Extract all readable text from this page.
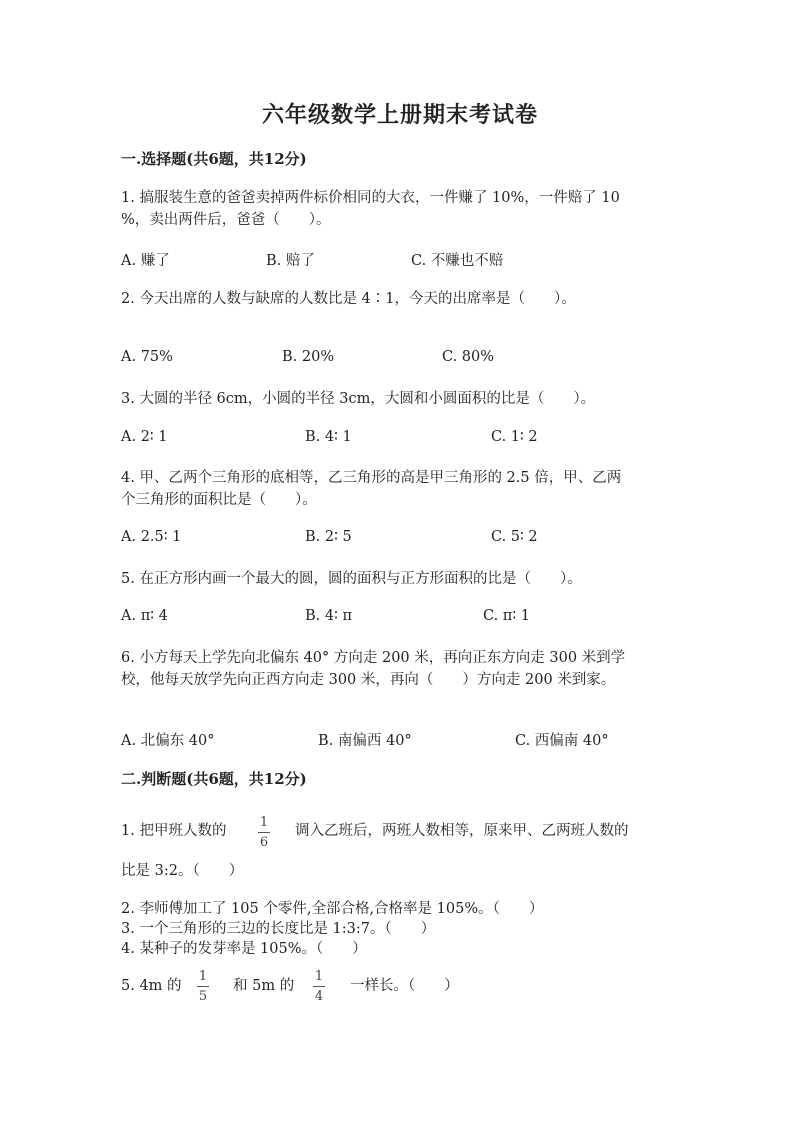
六年级数学上册期末考试卷
一.选择题(共6题，共12分)
1. 搞服装生意的爸爸卖掉两件标价相同的大衣，一件赚了 10%，一件赔了 10
%，卖出两件后，爸爸（　　）。
A. 赚了	B. 赔了	C. 不赚也不赔
2. 今天出席的人数与缺席的人数比是 4∶1，今天的出席率是（　　）。
A. 75%	B. 20%	C. 80%
3. 大圆的半径 6cm，小圆的半径 3cm，大圆和小圆面积的比是（　　）。
A. 2∶ 1	B. 4∶ 1	C. 1∶ 2
4. 甲、乙两个三角形的底相等，乙三角形的高是甲三角形的 2.5 倍，甲、乙两
个三角形的面积比是（　　）。
A. 2.5∶ 1	B. 2∶ 5	C. 5∶ 2
5. 在正方形内画一个最大的圆，圆的面积与正方形面积的比是（　　）。
A. π∶ 4	B. 4∶ π	C. π∶ 1
6. 小方每天上学先向北偏东 40° 方向走 200 米，再向正东方向走 300 米到学
校，他每天放学先向正西方向走 300 米，再向（　　）方向走 200 米到家。
A. 北偏东 40°	B. 南偏西 40°	C. 西偏南 40°
二.判断题(共6题，共12分)
1. 把甲班人数的
1
6
调入乙班后，两班人数相等，原来甲、乙两班人数的
比是 3:2。（　　）
2. 李师傅加工了 105 个零件,全部合格,合格率是 105%。（　　）
3. 一个三角形的三边的长度比是 1:3:7。（　　）
4. 某种子的发芽率是 105%。（　　）
5. 4m 的
1
5
和 5m 的
1
4
一样长。（　　）
